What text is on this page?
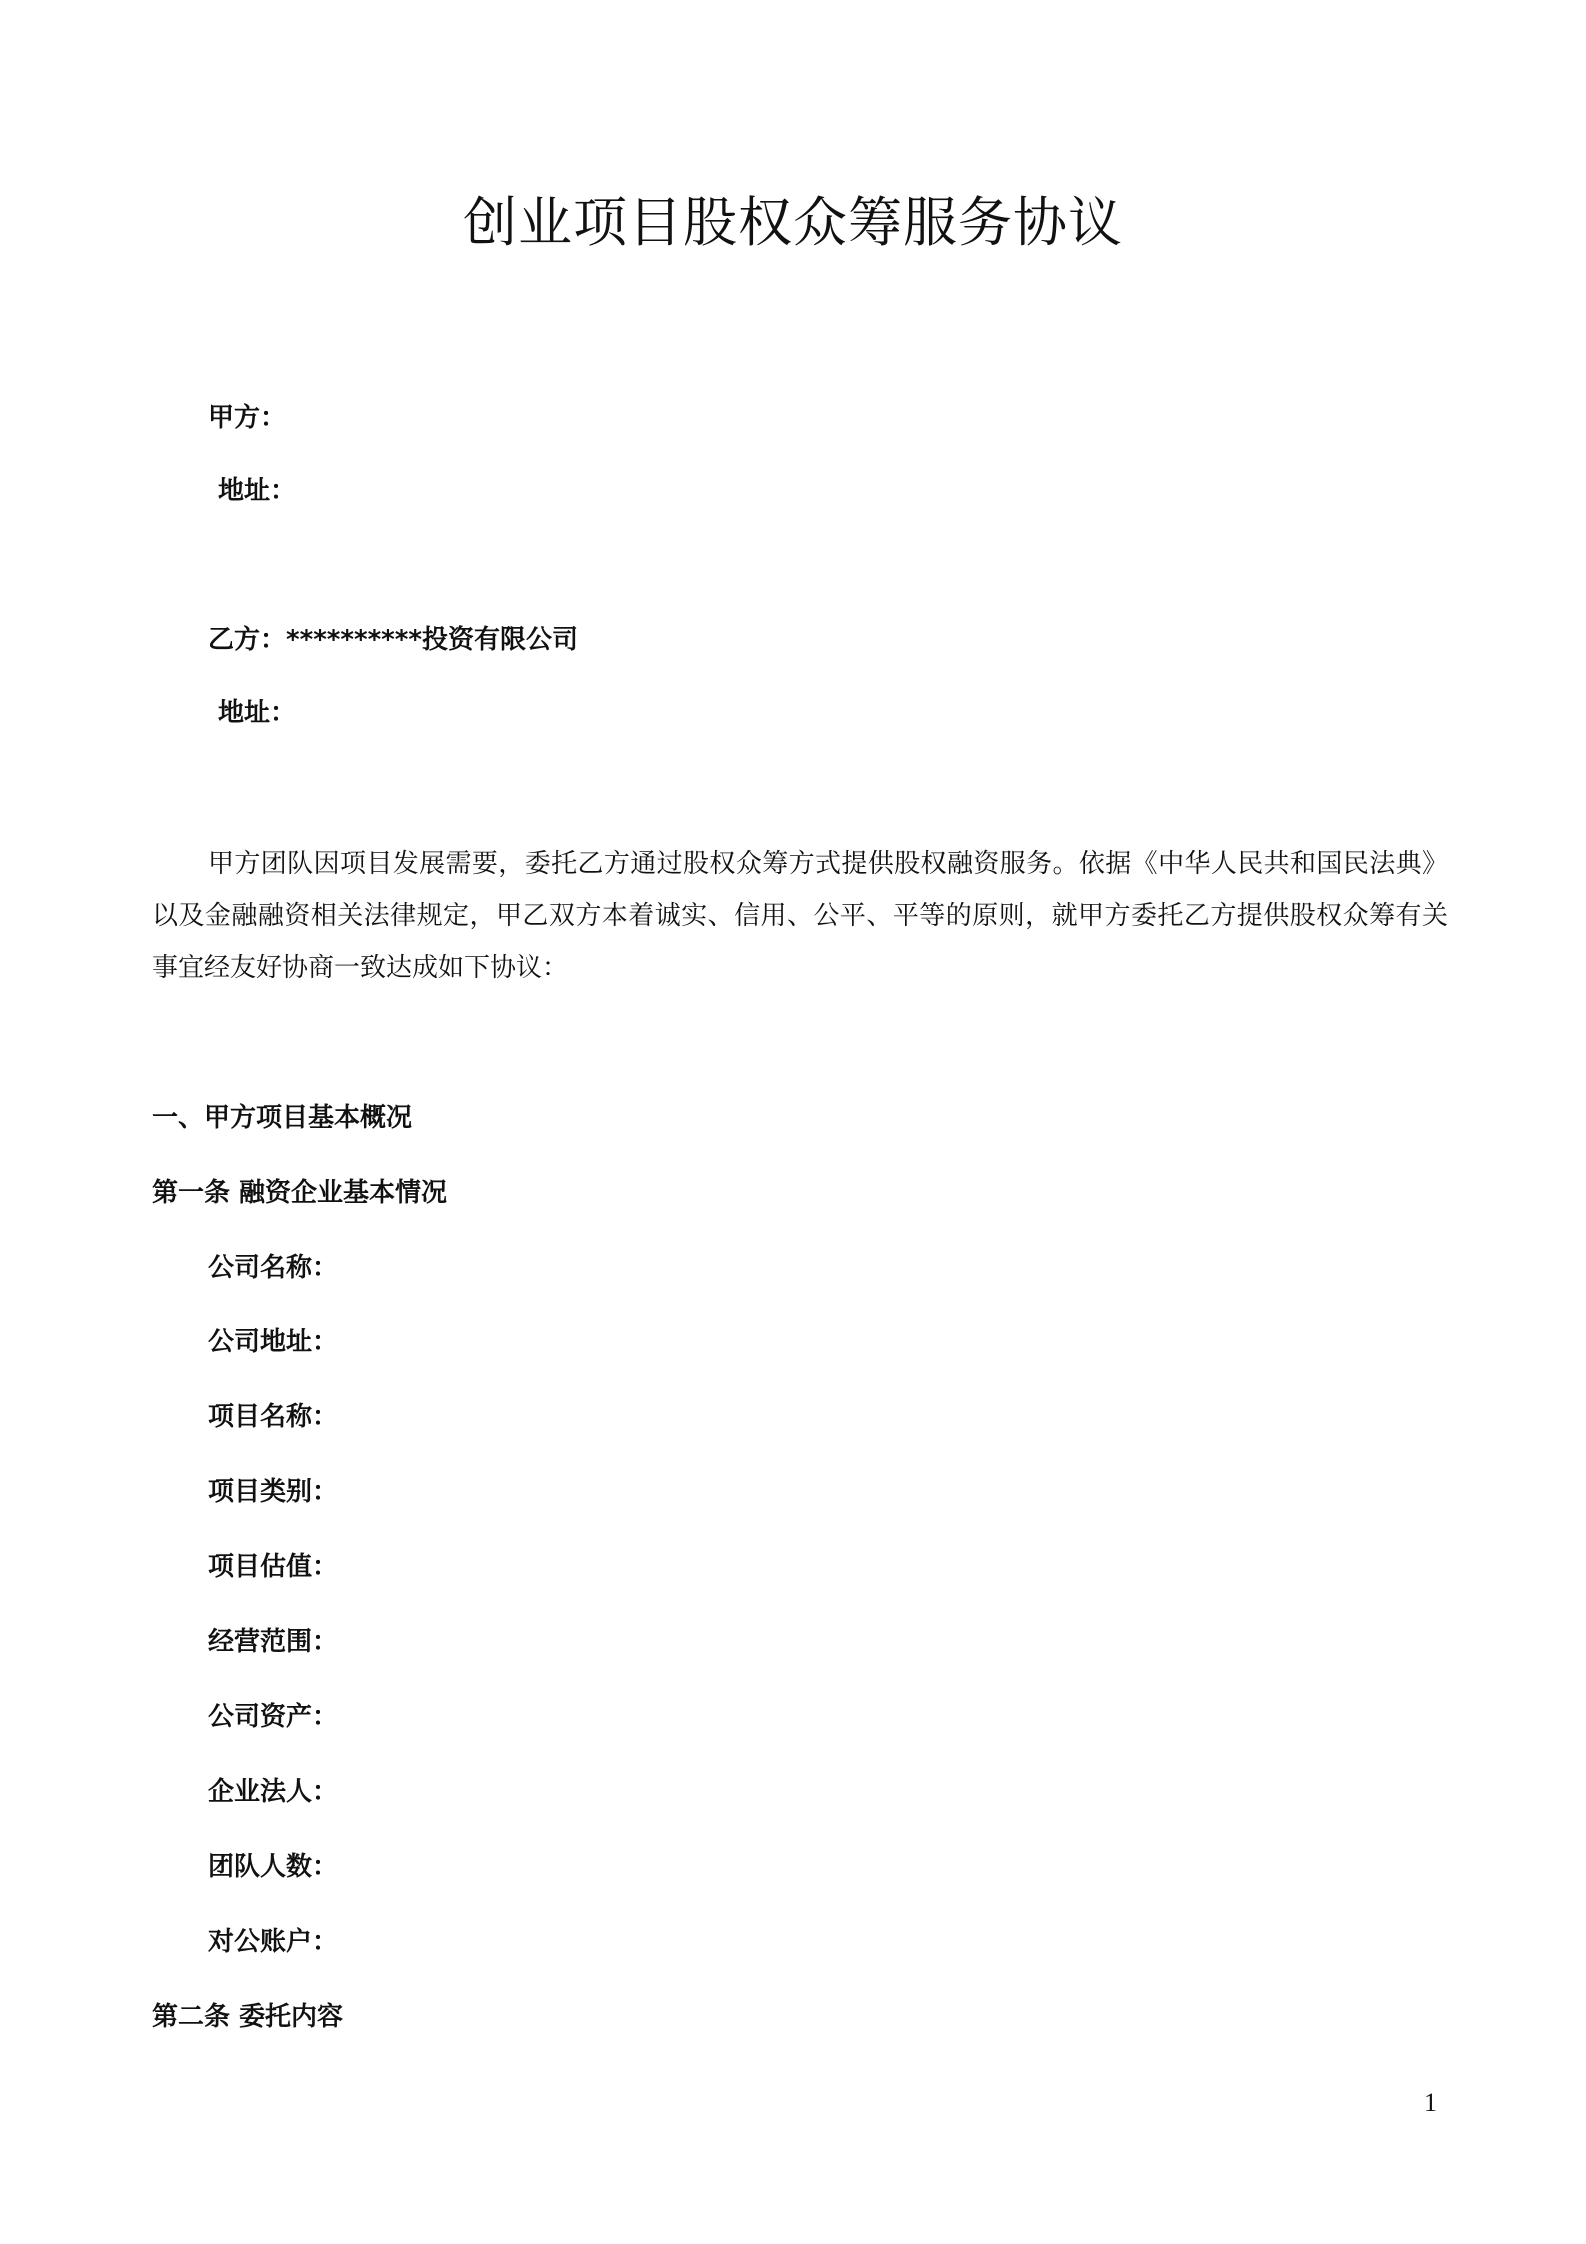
创业项目股权众筹服务协议

甲方：

地址：

乙方：**********投资有限公司

地址：

甲方团队因项目发展需要，委托乙方通过股权众筹方式提供股权融资服务。依据《中华人民共和国民法典》以及金融融资相关法律规定，甲乙双方本着诚实、信用、公平、平等的原则，就甲方委托乙方提供股权众筹有关事宜经友好协商一致达成如下协议：

一、甲方项目基本概况

第一条 融资企业基本情况

公司名称：

公司地址：

项目名称：

项目类别：

项目估值：

经营范围：

公司资产：

企业法人：

团队人数：

对公账户：

第二条 委托内容

1
